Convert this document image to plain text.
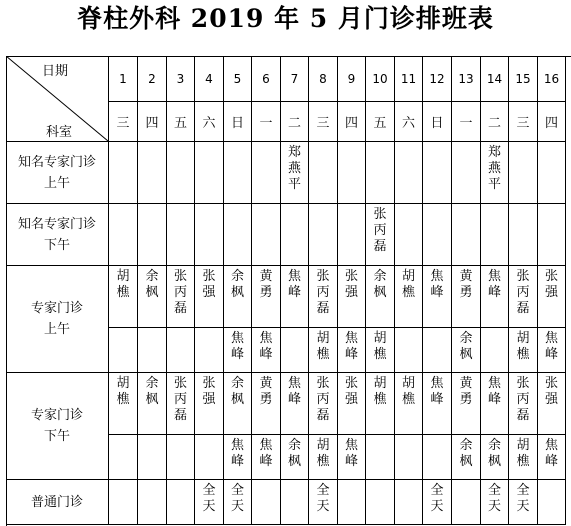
脊柱外科 2019 年 5 月门诊排班表
日期
科室
1 2 3 4 5 6 7 8 9 10 11 12 13 14 15 16
三 四 五 六 日 一 二 三 四 五 六 日 一 二 三 四
知名专家门诊
上午
郑
燕
平
郑
燕
平
知名专家门诊
下午
张
丙
磊
专家门诊
上午
胡
樵
余
枫
张
丙
磊
张
强
余
枫
黄
勇
焦
峰
张
丙
磊
张
强
余
枫
胡
樵
焦
峰
黄
勇
焦
峰
张
丙
磊
张
强
焦
峰
焦
峰
胡
樵
焦
峰
胡
樵
余
枫
胡
樵
焦
峰
专家门诊
下午
胡
樵
余
枫
张
丙
磊
张
强
余
枫
黄
勇
焦
峰
张
丙
磊
张
强
胡
樵
胡
樵
焦
峰
黄
勇
焦
峰
张
丙
磊
张
强
焦
峰
焦
峰
余
枫
胡
樵
焦
峰
余
枫
余
枫
胡
樵
焦
峰
普通门诊
全
天
全
天
全
天
全
天
全
天
全
天
